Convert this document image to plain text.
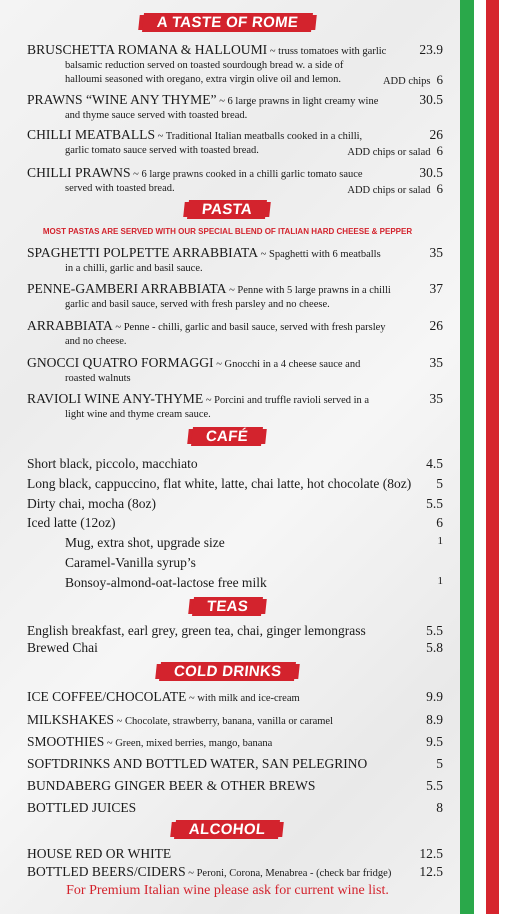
A TASTE OF ROME
BRUSCHETTA ROMANA & HALLOUMI ~ truss tomatoes with garlic
balsamic reduction served on toasted sourdough bread w. a side of
halloumi seasoned with oregano, extra virgin olive oil and lemon.
23.9
ADD chips 6
PRAWNS “WINE ANY THYME” ~ 6 large prawns in light creamy wine
and thyme sauce served with toasted bread.
30.5
CHILLI MEATBALLS ~ Traditional Italian meatballs cooked in a chilli,
garlic tomato sauce served with toasted bread.
26
ADD chips or salad 6
CHILLI PRAWNS ~ 6 large prawns cooked in a chilli garlic tomato sauce
served with toasted bread.
30.5
ADD chips or salad 6
PASTA
MOST PASTAS ARE SERVED WITH OUR SPECIAL BLEND OF ITALIAN HARD CHEESE & PEPPER
SPAGHETTI POLPETTE ARRABBIATA ~ Spaghetti with 6 meatballs
in a chilli, garlic and basil sauce.
35
PENNE-GAMBERI ARRABBIATA ~ Penne with 5 large prawns in a chilli
garlic and basil sauce, served with fresh parsley and no cheese.
37
ARRABBIATA ~ Penne - chilli, garlic and basil sauce, served with fresh parsley
and no cheese.
26
GNOCCI QUATRO FORMAGGI ~ Gnocchi in a 4 cheese sauce and
roasted walnuts
35
RAVIOLI WINE ANY-THYME ~ Porcini and truffle ravioli served in a
light wine and thyme cream sauce.
35
CAFÉ
Short black, piccolo, macchiato	4.5
Long black, cappuccino, flat white, latte, chai latte, hot chocolate (8oz) 5
Dirty chai, mocha (8oz)	5.5
Iced latte (12oz)	6
Mug, extra shot, upgrade size	1
Caramel-Vanilla syrup’s
Bonsoy-almond-oat-lactose free milk	1
TEAS
English breakfast, earl grey, green tea, chai, ginger lemongrass	5.5
Brewed Chai	5.8
COLD DRINKS
ICE COFFEE/CHOCOLATE ~ with milk and ice-cream	9.9
MILKSHAKES ~ Chocolate, strawberry, banana, vanilla or caramel	8.9
SMOOTHIES ~ Green, mixed berries, mango, banana	9.5
SOFTDRINKS AND BOTTLED WATER, SAN PELEGRINO	5
BUNDABERG GINGER BEER & OTHER BREWS	5.5
BOTTLED JUICES	8
ALCOHOL
HOUSE RED OR WHITE	12.5
BOTTLED BEERS/CIDERS ~ Peroni, Corona, Menabrea - (check bar fridge) 12.5
For Premium Italian wine please ask for current wine list.
